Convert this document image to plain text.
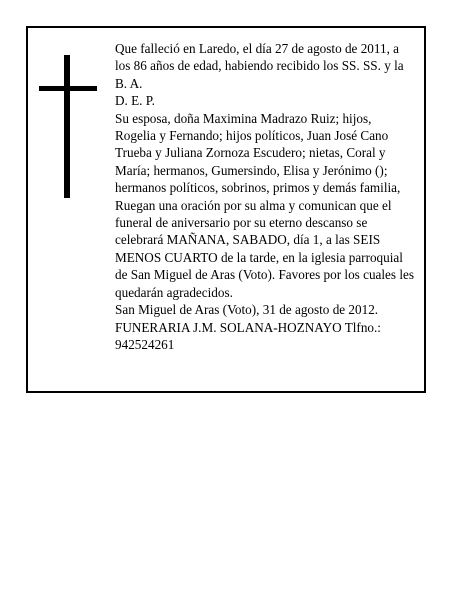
Que falleció en Laredo, el día 27 de agosto de 2011, a los 86 años de edad, habiendo recibido los SS. SS. y la B. A.

D. E. P.

Su esposa, doña Maximina Madrazo Ruiz; hijos, Rogelia y Fernando; hijos políticos, Juan José Cano Trueba y Juliana Zornoza Escudero; nietas, Coral y María; hermanos, Gumersindo, Elisa y Jerónimo (); hermanos políticos, sobrinos, primos y demás familia,

Ruegan una oración por su alma y comunican que el funeral de aniversario por su eterno descanso se celebrará MAÑANA, SABADO, día 1, a las SEIS MENOS CUARTO de la tarde, en la iglesia parroquial de San Miguel de Aras (Voto). Favores por los cuales les quedarán agradecidos.

San Miguel de Aras (Voto), 31 de agosto de 2012.

FUNERARIA J.M. SOLANA-HOZNAYO Tlfno.: 942524261
